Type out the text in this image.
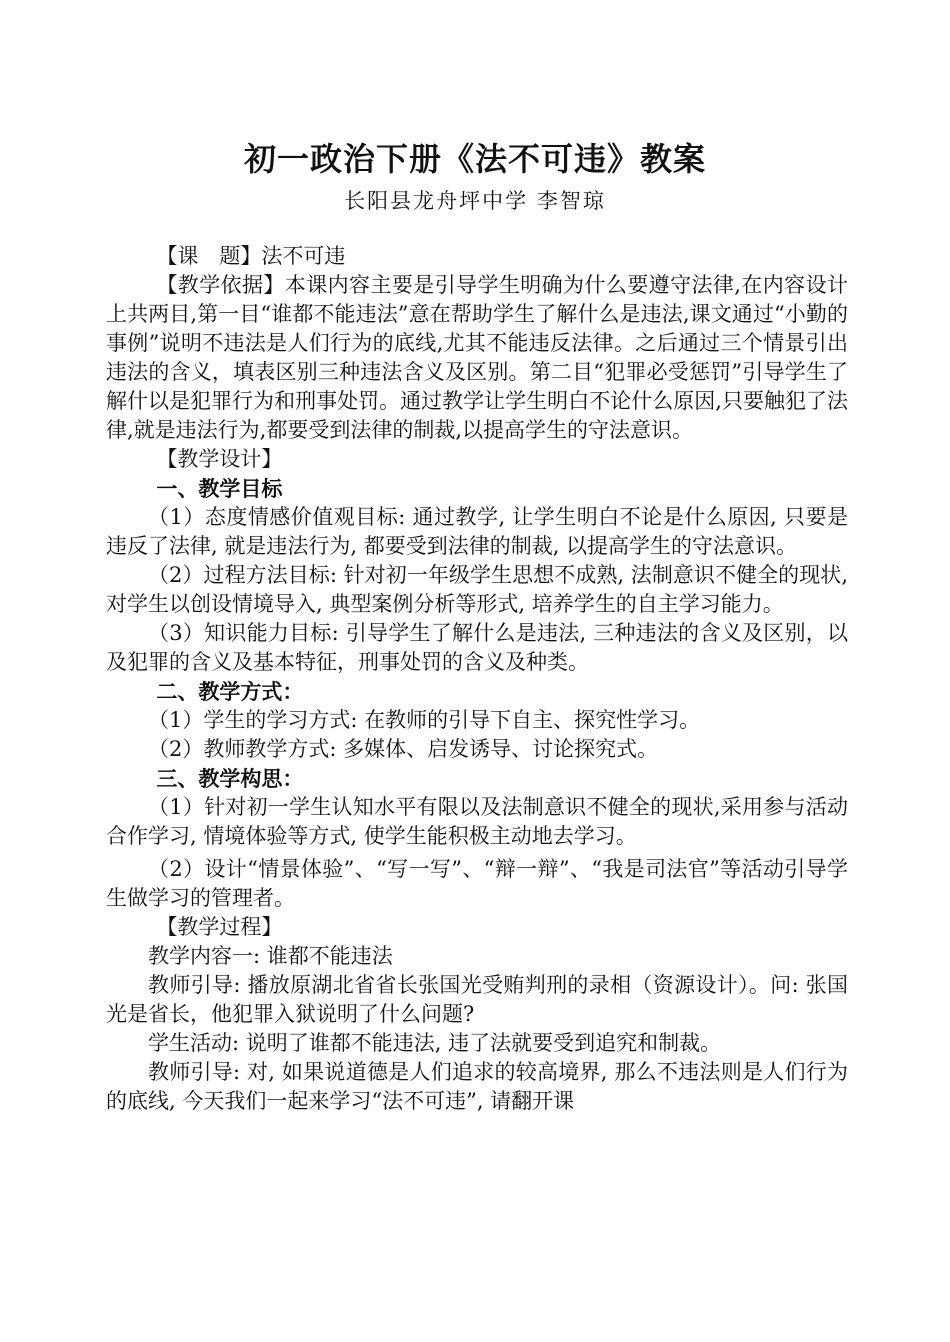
初一政治下册《法不可违》教案
长阳县龙舟坪中学 李智琼

【课　题】法不可违

【教学依据】本课内容主要是引导学生明确为什么要遵守法律,在内容设计上共两目,第一目“谁都不能违法”意在帮助学生了解什么是违法,课文通过“小勤的事例”说明不违法是人们行为的底线,尤其不能违反法律。之后通过三个情景引出违法的含义，填表区别三种违法含义及区别。第二目“犯罪必受惩罚”引导学生了解什以是犯罪行为和刑事处罚。通过教学让学生明白不论什么原因,只要触犯了法律,就是违法行为,都要受到法律的制裁,以提高学生的守法意识。

【教学设计】

一、教学目标

（1）态度情感价值观目标: 通过教学, 让学生明白不论是什么原因, 只要是违反了法律, 就是违法行为, 都要受到法律的制裁, 以提高学生的守法意识。

（2）过程方法目标: 针对初一年级学生思想不成熟, 法制意识不健全的现状, 对学生以创设情境导入, 典型案例分析等形式, 培养学生的自主学习能力。

（3）知识能力目标: 引导学生了解什么是违法, 三种违法的含义及区别，以及犯罪的含义及基本特征，刑事处罚的含义及种类。

二、教学方式：

（1）学生的学习方式: 在教师的引导下自主、探究性学习。

（2）教师教学方式: 多媒体、启发诱导、讨论探究式。

三、教学构思：

（1）针对初一学生认知水平有限以及法制意识不健全的现状,采用参与活动合作学习, 情境体验等方式, 使学生能积极主动地去学习。

（2）设计“情景体验”、“写一写”、“辩一辩”、“我是司法官”等活动引导学生做学习的管理者。

【教学过程】

教学内容一: 谁都不能违法

教师引导: 播放原湖北省省长张国光受贿判刑的录相（资源设计）。问: 张国光是省长，他犯罪入狱说明了什么问题?

学生活动: 说明了谁都不能违法, 违了法就要受到追究和制裁。

教师引导: 对, 如果说道德是人们追求的较高境界, 那么不违法则是人们行为的底线, 今天我们一起来学习“法不可违”, 请翻开课
